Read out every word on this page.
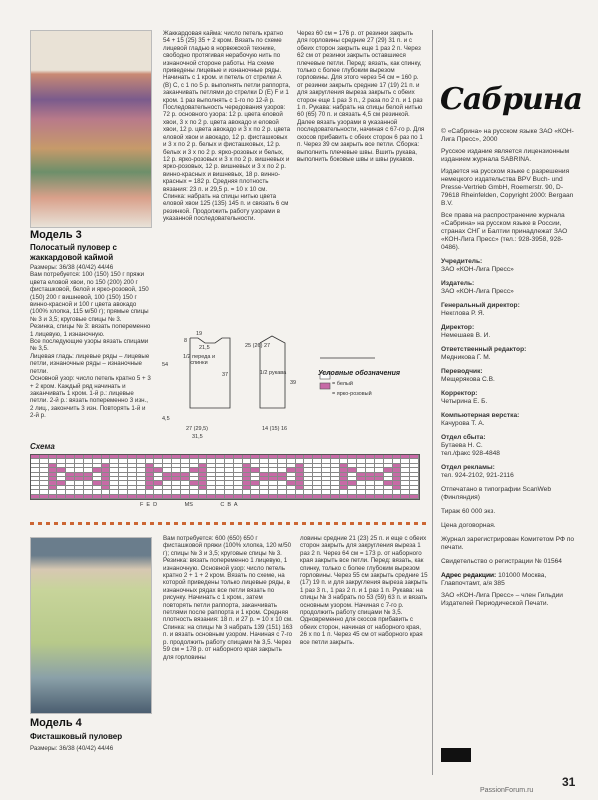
Модель 3
Полосатый пуловер с жаккардовой каймой
Размеры: 36/38 (40/42) 44/46
Вам потребуется: 100 (150) 150 г пряжи цвета еловой хвои, по 150 (200) 200 г фисташковой, белой и ярко-розовой, 150 (150) 200 г вишневой, 100 (150) 150 г винно-красной и 100 г цвета авокадо (100% хлопка, 115 м/50 г); прямые спицы № 3 и 3,5; круговые спицы № 3.
Резинка, спицы № 3: вязать попеременно 1 лицевую, 1 изнаночную.
Все последующие узоры вязать спицами № 3,5.
Лицевая гладь: лицевые ряды – лицевые петли, изнаночные ряды – изнаночные петли.
Основной узор: число петель кратно 5 + 3 + 2 кром. Каждый ряд начинать и заканчивать 1 кром. 1-й р.: лицевые петли. 2-й р.: вязать попеременно 3 изн., 2 лиц., закончить 3 изн. Повторять 1-й и 2-й р.
Жаккардовая кайма: число петель кратно 54 + 15 (25) 35 + 2 кром. Вязать по схеме лицевой гладью в норвежской технике, свободно протягивая нерабочую нить по изнаночной стороне работы. На схеме приведены лицевые и изнаночные ряды. Начинать с 1 кром. и петель от стрелки A (B) C, с 1 по 5 р. выполнять петли раппорта, заканчивать петлями до стрелки D (E) F и 1 кром. 1 раз выполнять с 1-го по 12-й р. Последовательность чередования узоров: 72 р. основного узора: 12 р. цвета еловой хвои, 3 х по 2 р. цвета авокадо и еловой хвои, 12 р. цвета авокадо и 3 х по 2 р. цвета еловой хвои и авокадо, 12 р. фисташковых и 3 х по 2 р. белых и фисташковых, 12 р. белых и 3 х по 2 р. ярко-розовых и белых, 12 р. ярко-розовых и 3 х по 2 р. вишневых и ярко-розовых, 12 р. вишневых и 3 х по 2 р. винно-красных и вишневых, 18 р. винно-красных = 182 р. Средняя плотность вязания: 23 п. и 29,5 р. = 10 х 10 см. Спинка: набрать на спицы нитью цвета еловой хвои 125 (135) 145 п. и связать 6 см резинкой. Продолжить работу узорами в указанной последовательности.
Через 60 см = 176 р. от резинки закрыть для горловины средние 27 (29) 31 п. и с обеих сторон закрыть еще 1 раз 2 п. Через 62 см от резинки закрыть оставшиеся плечевые петли. Перед: вязать, как спинку, только с более глубоким вырезом горловины. Для этого через 54 см = 160 р. от резинки закрыть средние 17 (19) 21 п. и для закругления выреза закрыть с обеих сторон еще 1 раз 3 п., 2 раза по 2 п. и 1 раз 1 п. Рукава: набрать на спицы белой нитью 60 (65) 70 п. и связать 4,5 см резинкой. Далее вязать узорами в указанной последовательности, начиная с 67-го р. Для скосов прибавить с обеих сторон 6 раз по 1 п. Через 39 см закрыть все петли. Сборка: выполнить плечевые швы. Вшить рукава, выполнить боковые швы и швы рукавов.
19
8
21,5
1/2 переда и спинки
54
25 (26) 27
1/2 рукава
39
37
4,5
27 (29,5)
31,5
14 (15) 16
Условные обозначения
= белый
= ярко-розовый
Схема
F  E  D                  MS                  C  B  A
Модель 4
Фисташковый пуловер
Размеры: 36/38 (40/42) 44/46
Вам потребуется: 600 (650) 650 г фисташковой пряжи (100% хлопка, 120 м/50 г); спицы № 3 и 3,5; круговые спицы № 3. Резинка: вязать попеременно 1 лицевую, 1 изнаночную. Основной узор: число петель кратно 2 + 1 + 2 кром. Вязать по схеме, на которой приведены только лицевые ряды, в изнаночных рядах все петли вязать по рисунку. Начинать с 1 кром., затем повторять петли раппорта, заканчивать петлями после раппорта и 1 кром. Средняя плотность вязания: 18 п. и 27 р. = 10 х 10 см. Спинка: на спицы № 3 набрать 139 (151) 163 п. и вязать основным узором. Начиная с 7-го р. продолжить работу спицами № 3,5. Через 59 см = 178 р. от наборного края закрыть для горловины
ловины средние 21 (23) 25 п. и еще с обеих сторон закрыть для закругления выреза 1 раз 2 п. Через 64 см = 173 р. от наборного края закрыть все петли. Перед: вязать, как спинку, только с более глубоким вырезом горловины. Через 55 см закрыть средние 15 (17) 19 п. и для закругления выреза закрыть 1 раз 3 п., 1 раз 2 п. и 1 раз 1 п. Рукава: на спицы № 3 набрать по 53 (59) 63 п. и вязать основным узором. Начиная с 7-го р. продолжить работу спицами № 3,5. Одновременно для скосов прибавить с обеих сторон, начиная от наборного края, 26 х по 1 п. Через 45 см от наборного края все петли закрыть.
Сабрина
© «Сабрина» на русском языке ЗАО «КОН-Лига Пресс», 2000
Русское издание является лицензионным изданием журнала SABRINA.
Издается на русском языке с разрешения немецкого издательства BPV Buch- und Presse-Vertrieb GmbH, Roemerstr. 90, D-79618 Rheinfelden, Copyright 2000: Bergaan B.V.
Все права на распространение журнала «Сабрина» на русском языке в России, странах СНГ и Балтии принадлежат ЗАО «КОН-Лига Пресс» (тел.: 928-3958, 928-0486).
Учредитель:
ЗАО «КОН-Лига Пресс»
Издатель:
ЗАО «КОН-Лига Пресс»
Генеральный директор:
Некглова Р. Я.
Директор:
Немешаев В. И.
Ответственный редактор:
Медникова Г. М.
Переводчик:
Мещерякова С.В.
Корректор:
Четырина Е. Б.
Компьютерная верстка:
Качурова Т. А.
Отдел сбыта:
Бутаева Н. С.
тел./факс 928-4848
Отдел рекламы:
тел. 924-2102, 921-2116
Отпечатано в типографии ScanWeb (Финляндия)
Тираж 60 000 экз.
Цена договорная.
Журнал зарегистрирован Комитетом РФ по печати.
Свидетельство о регистрации № 01564
Адрес редакции: 101000 Москва, Главпочтамт, а/я 385
ЗАО «КОН-Лига Пресс» – член Гильдии Издателей Периодической Печати.
31
PassionForum.ru
